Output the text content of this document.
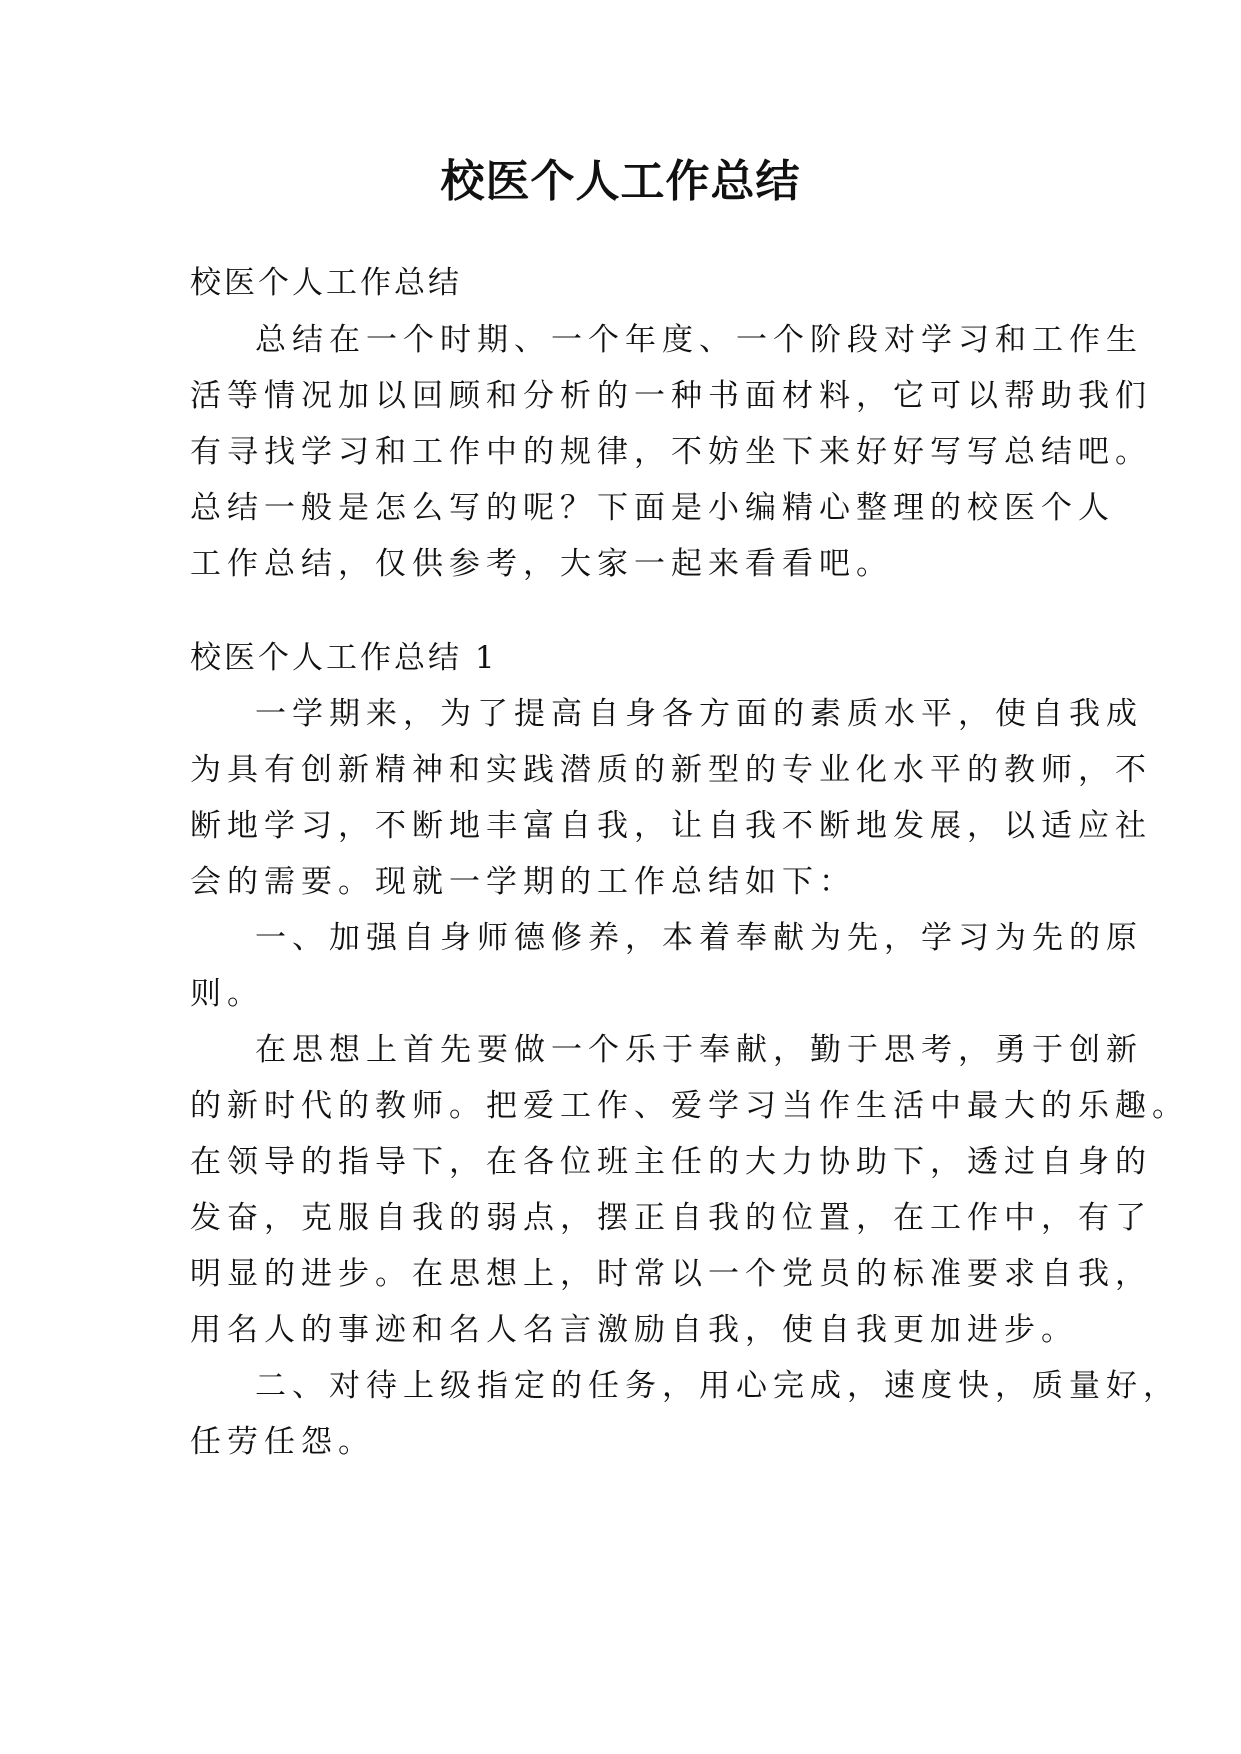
校医个人工作总结

校医个人工作总结

总结在一个时期、一个年度、一个阶段对学习和工作生

活等情况加以回顾和分析的一种书面材料，它可以帮助我们

有寻找学习和工作中的规律，不妨坐下来好好写写总结吧。

总结一般是怎么写的呢？下面是小编精心整理的校医个人

工作总结，仅供参考，大家一起来看看吧。

校医个人工作总结 1

一学期来，为了提高自身各方面的素质水平，使自我成

为具有创新精神和实践潜质的新型的专业化水平的教师，不

断地学习，不断地丰富自我，让自我不断地发展，以适应社

会的需要。现就一学期的工作总结如下：

一、加强自身师德修养，本着奉献为先，学习为先的原

则。

在思想上首先要做一个乐于奉献，勤于思考，勇于创新

的新时代的教师。把爱工作、爱学习当作生活中最大的乐趣。

在领导的指导下，在各位班主任的大力协助下，透过自身的

发奋，克服自我的弱点，摆正自我的位置，在工作中，有了

明显的进步。在思想上，时常以一个党员的标准要求自我，

用名人的事迹和名人名言激励自我，使自我更加进步。

二、对待上级指定的任务，用心完成，速度快，质量好，

任劳任怨。
